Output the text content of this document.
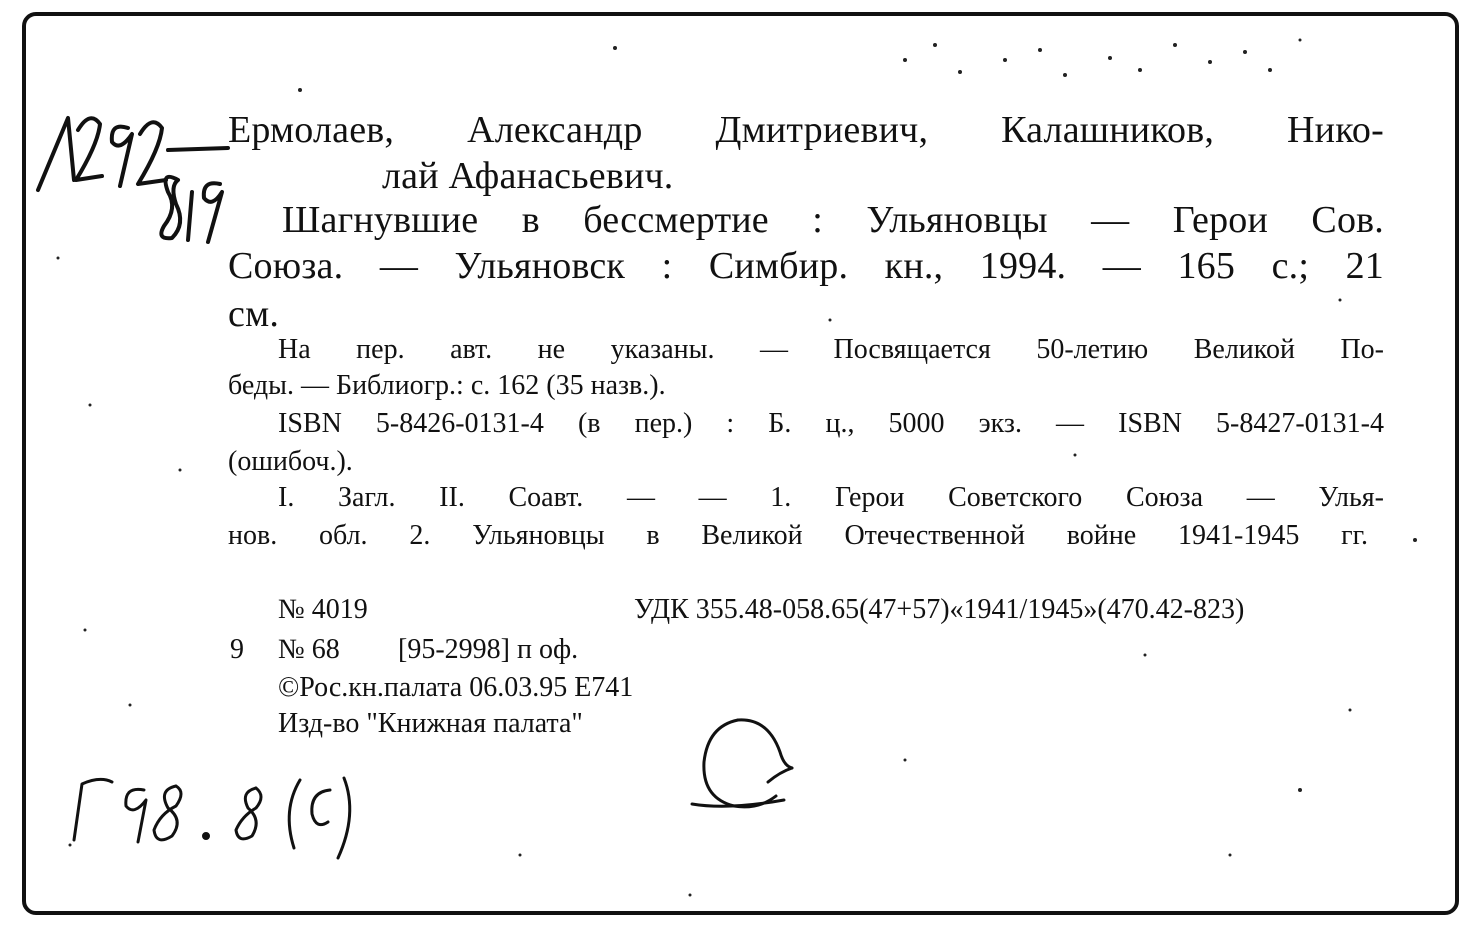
Ермолаев, Александр Дмитриевич, Калашников, Нико-
лай Афанасьевич.
Шагнувшие в бессмертие : Ульяновцы — Герои Сов.
Союза. — Ульяновск : Симбир. кн., 1994. — 165 с.; 21
см.
На пер. авт. не указаны. — Посвящается 50-летию Великой По-
беды. — Библиогр.: с. 162 (35 назв.).
ISBN 5-8426-0131-4 (в пер.) : Б. ц., 5000 экз. — ISBN 5-8427-0131-4
(ошибоч.).
I. Загл. II. Соавт. — — 1. Герои Советского Союза — Улья-
нов. обл. 2. Ульяновцы в Великой Отечественной войне 1941-1945 гг.
№ 4019	УДК 355.48-058.65(47+57)«1941/1945»(470.42-823)
9 № 68 [95-2998] п оф.
©Рос.кн.палата 06.03.95 Е741
Изд-во "Книжная палата"
